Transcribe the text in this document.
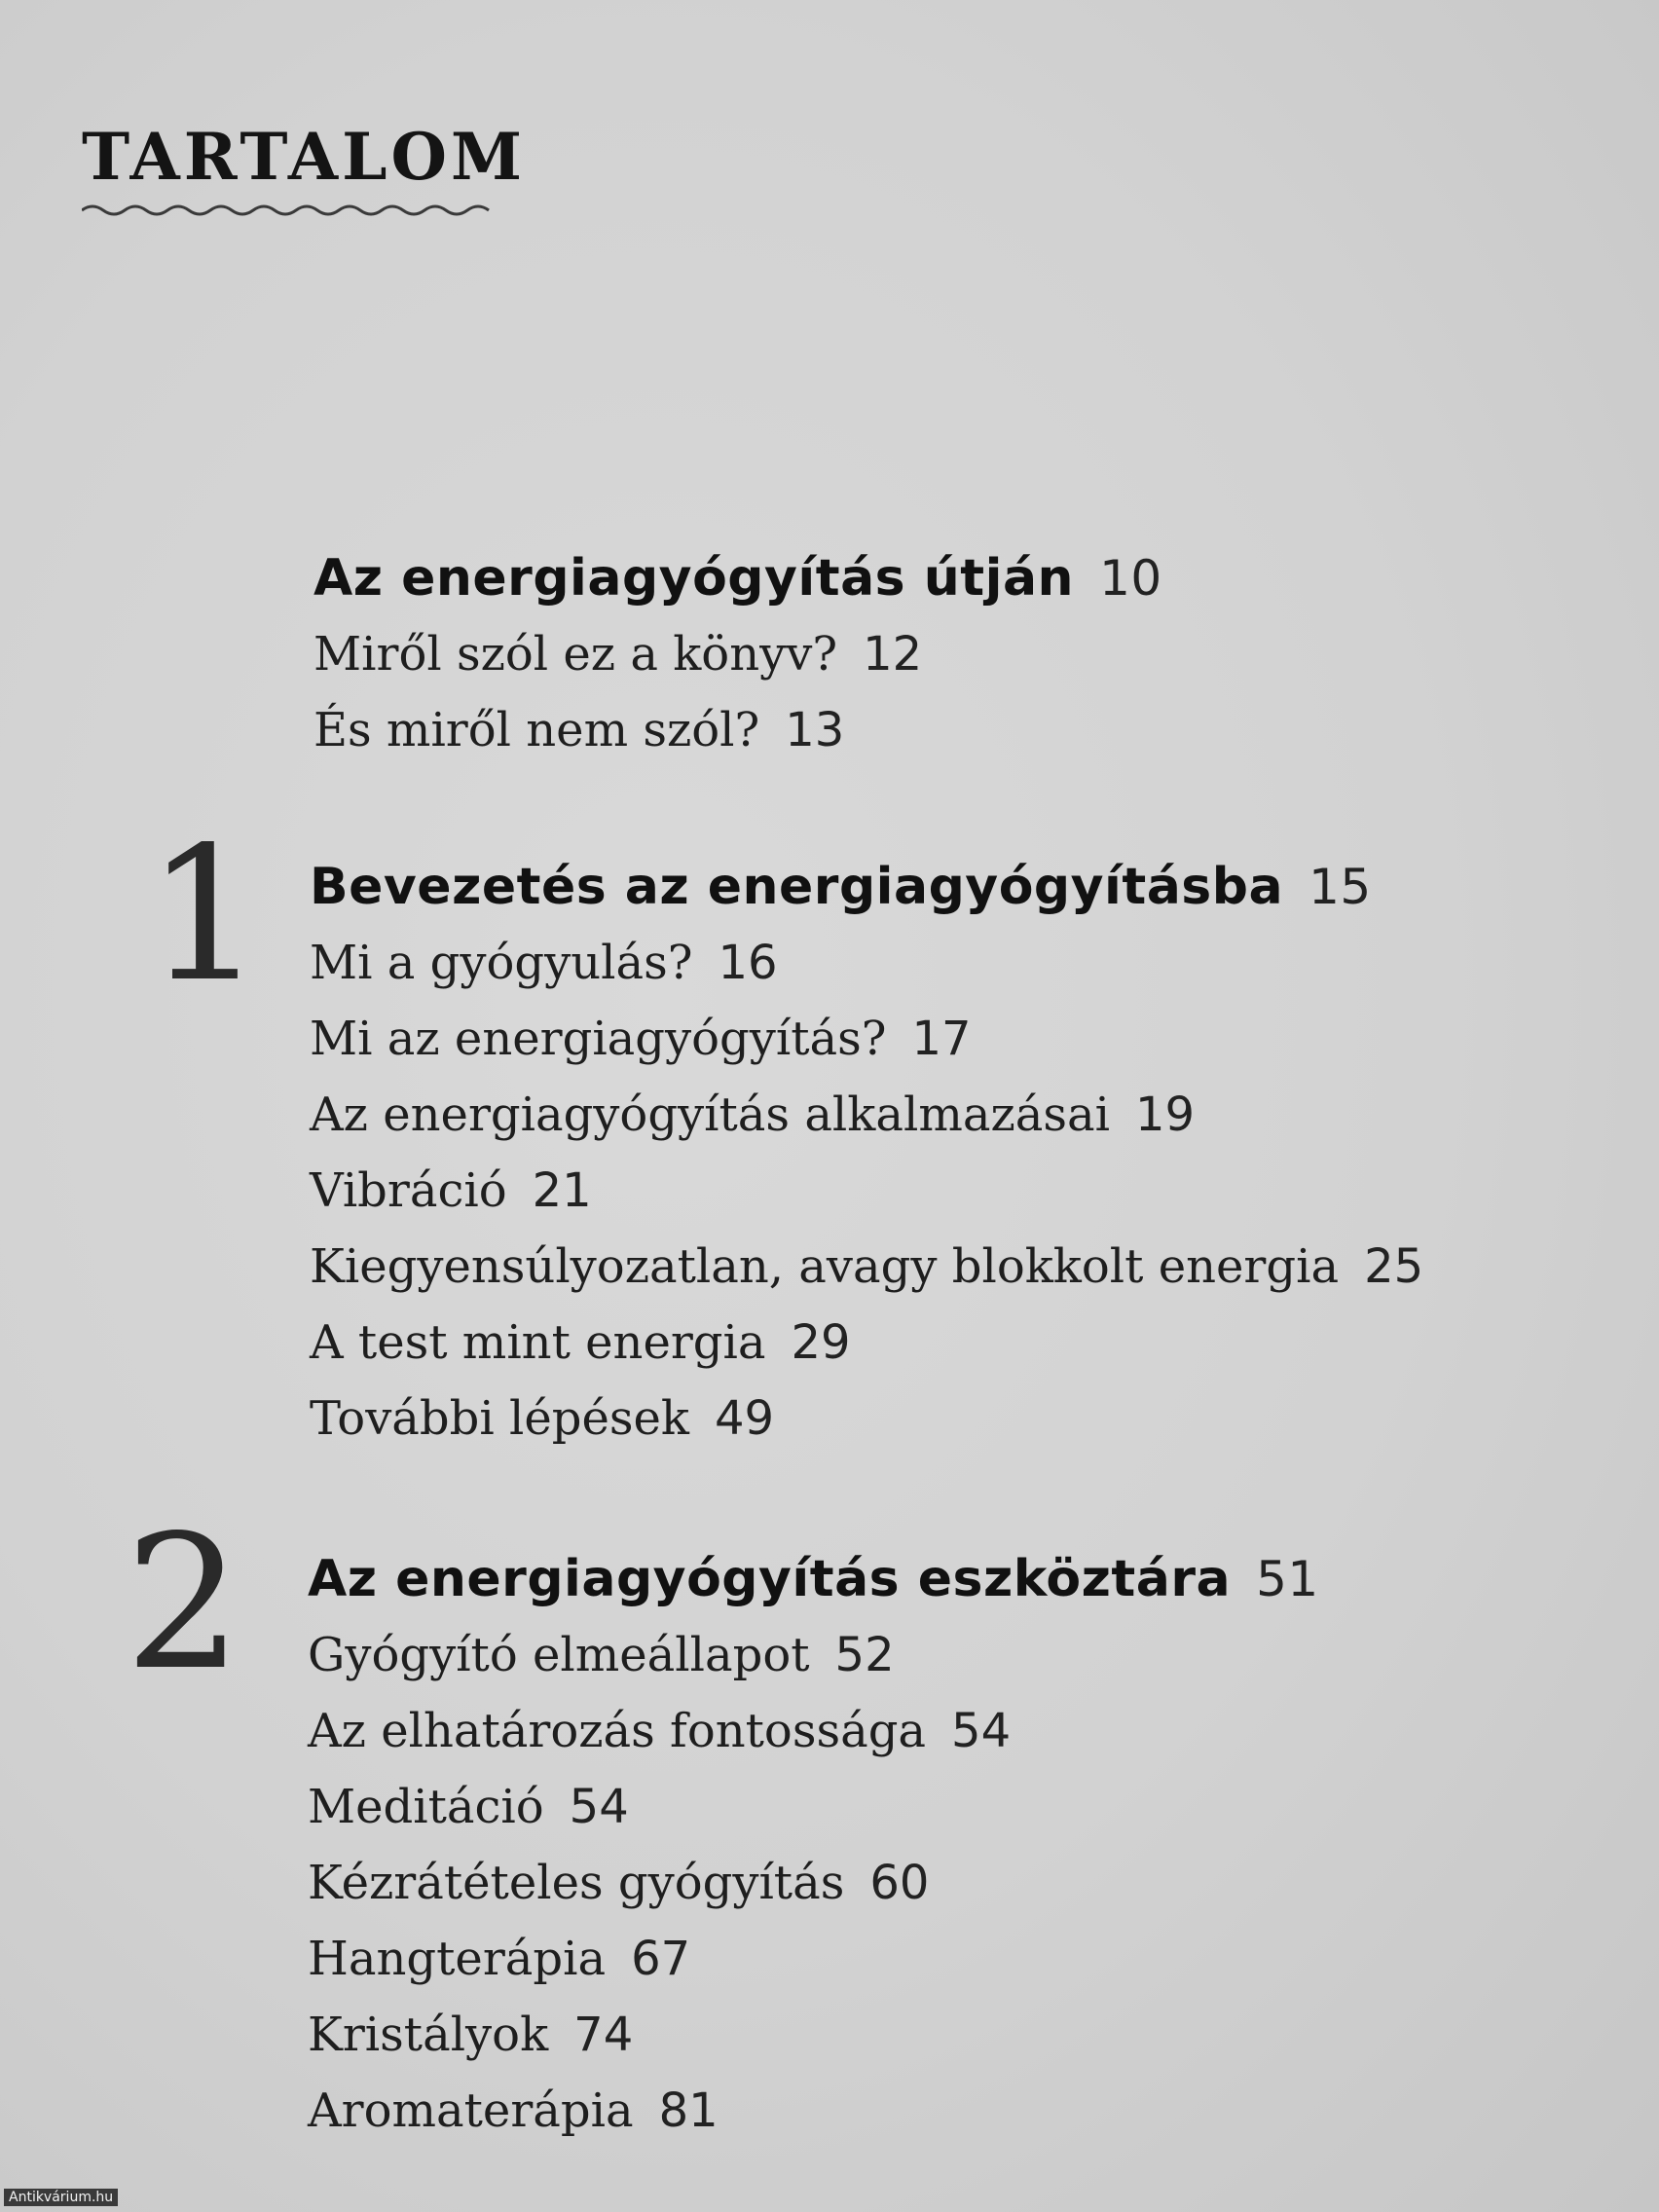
TARTALOM
Az energiagyógyítás útján 10
Miről szól ez a könyv? 12
És miről nem szól? 13
1 Bevezetés az energiagyógyításba 15
Mi a gyógyulás? 16
Mi az energiagyógyítás? 17
Az energiagyógyítás alkalmazásai 19
Vibráció 21
Kiegyensúlyozatlan, avagy blokkolt energia 25
A test mint energia 29
További lépések 49
2 Az energiagyógyítás eszköztára 51
Gyógyító elmeállapot 52
Az elhatározás fontossága 54
Meditáció 54
Kézrátételes gyógyítás 60
Hangterápia 67
Kristályok 74
Aromaterápia 81
Antikvárium.hu
